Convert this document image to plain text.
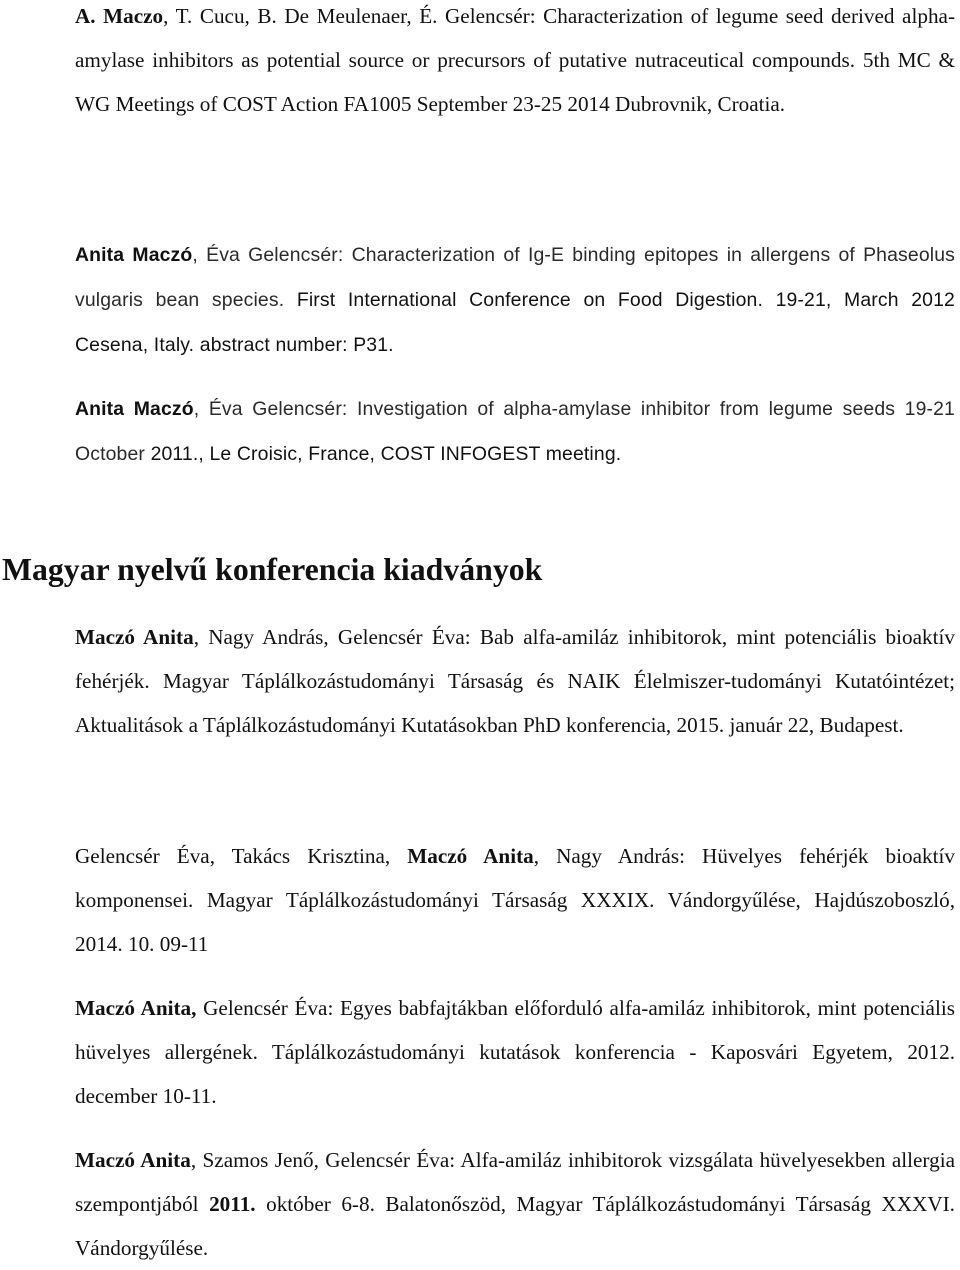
A. Maczo, T. Cucu, B. De Meulenaer, É. Gelencsér: Characterization of legume seed derived alpha-amylase inhibitors as potential source or precursors of putative nutraceutical compounds. 5th MC & WG Meetings of COST Action FA1005 September 23-25 2014 Dubrovnik, Croatia.

Anita Maczó, Éva Gelencsér: Characterization of Ig-E binding epitopes in allergens of Phaseolus vulgaris bean species. First International Conference on Food Digestion. 19-21, March 2012 Cesena, Italy. abstract number: P31.

Anita Maczó, Éva Gelencsér: Investigation of alpha-amylase inhibitor from legume seeds 19-21 October 2011., Le Croisic, France, COST INFOGEST meeting.

Magyar nyelvű konferencia kiadványok

Maczó Anita, Nagy András, Gelencsér Éva: Bab alfa-amiláz inhibitorok, mint potenciális bioaktív fehérjék. Magyar Táplálkozástudományi Társaság és NAIK Élelmiszer-tudományi Kutatóintézet; Aktualitások a Táplálkozástudományi Kutatásokban PhD konferencia, 2015. január 22, Budapest.

Gelencsér Éva, Takács Krisztina, Maczó Anita, Nagy András: Hüvelyes fehérjék bioaktív komponensei. Magyar Táplálkozástudományi Társaság XXXIX. Vándorgyűlése, Hajdúszoboszló, 2014. 10. 09-11

Maczó Anita, Gelencsér Éva: Egyes babfajtákban előforduló alfa-amiláz inhibitorok, mint potenciális hüvelyes allergének. Táplálkozástudományi kutatások konferencia - Kaposvári Egyetem, 2012. december 10-11.

Maczó Anita, Szamos Jenő, Gelencsér Éva: Alfa-amiláz inhibitorok vizsgálata hüvelyesekben allergia szempontjából 2011. október 6-8. Balatonőszöd, Magyar Táplálkozástudományi Társaság XXXVI. Vándorgyűlése.
